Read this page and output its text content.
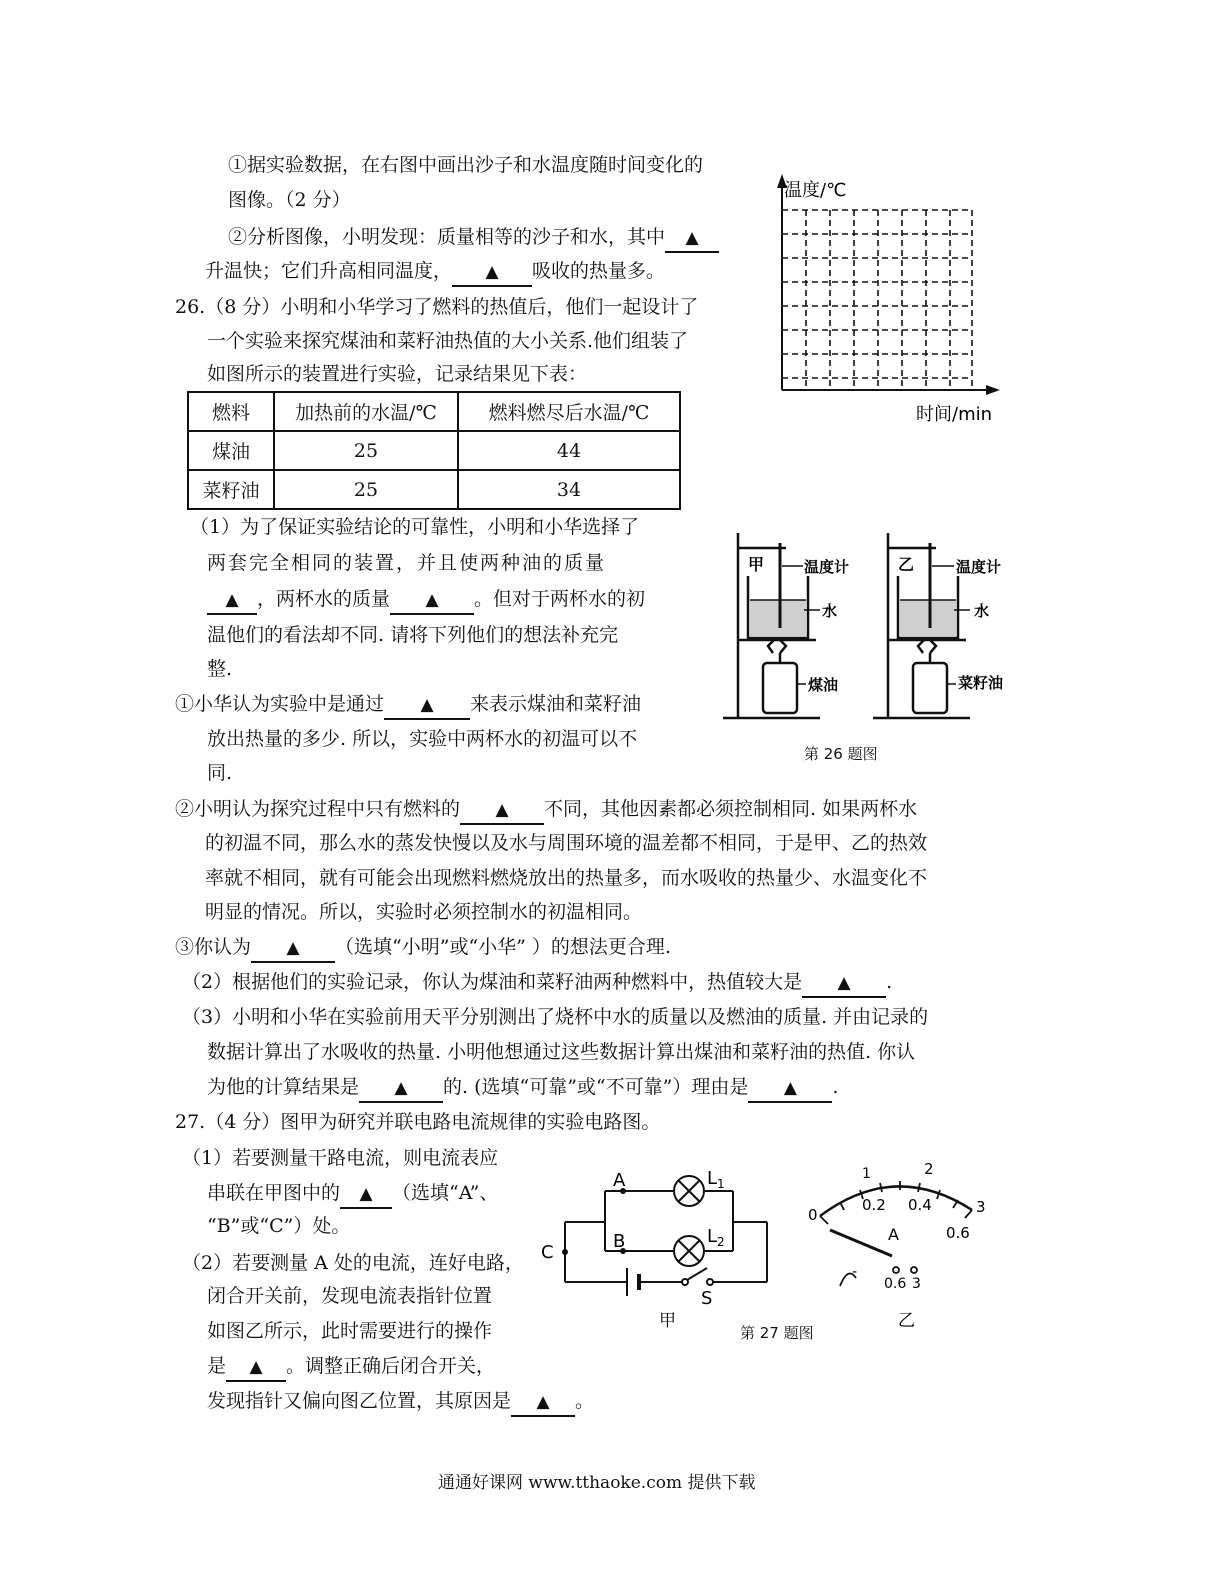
①据实验数据，在右图中画出沙子和水温度随时间变化的
图像。（2 分）
②分析图像，小明发现：质量相等的沙子和水，其中 ▲
升温快；它们升高相同温度， ▲ 吸收的热量多。
温度/℃
时间/min
26.（8 分）小明和小华学习了燃料的热值后，他们一起设计了
一个实验来探究煤油和菜籽油热值的大小关系.他们组装了
如图所示的装置进行实验，记录结果见下表：
燃料	加热前的水温/℃	燃料燃尽后水温/℃
煤油	25	44
菜籽油	25	34
（1）为了保证实验结论的可靠性，小明和小华选择了
两套完全相同的装置，并且使两种油的质量
▲ ，两杯水的质量 ▲ 。但对于两杯水的初
温他们的看法却不同. 请将下列他们的想法补充完
整.
①小华认为实验中是通过 ▲ 来表示煤油和菜籽油
放出热量的多少. 所以，实验中两杯水的初温可以不
同.
②小明认为探究过程中只有燃料的 ▲ 不同，其他因素都必须控制相同. 如果两杯水
的初温不同，那么水的蒸发快慢以及水与周围环境的温差都不相同，于是甲、乙的热效
率就不相同，就有可能会出现燃料燃烧放出的热量多，而水吸收的热量少、水温变化不
明显的情况。所以，实验时必须控制水的初温相同。
③你认为 ▲ （选填“小明”或“小华” ）的想法更合理.
（2）根据他们的实验记录，你认为煤油和菜籽油两种燃料中，热值较大是 ▲ .
（3）小明和小华在实验前用天平分别测出了烧杯中水的质量以及燃油的质量. 并由记录的
数据计算出了水吸收的热量. 小明他想通过这些数据计算出煤油和菜籽油的热值. 你认
为他的计算结果是 ▲ 的. (选填“可靠”或“不可靠”）理由是 ▲ .
甲	温度计
水
煤油
乙	温度计
水
菜籽油
第 26 题图
27.（4 分）图甲为研究并联电路电流规律的实验电路图。
（1）若要测量干路电流，则电流表应
串联在甲图中的 ▲ （选填“A”、
“B”或“C”）处。
（2）若要测量 A 处的电流，连好电路，
闭合开关前，发现电流表指针位置
如图乙所示，此时需要进行的操作
是 ▲ 。调整正确后闭合开关，
发现指针又偏向图乙位置，其原因是 ▲ 。
A
B
C
S
$L_1$
$L_2$
甲
1	2
3
0
0.2 0.4
0.6
A
-
0.6 3
乙
第 27 题图
通通好课网 www.tthaoke.com 提供下载
